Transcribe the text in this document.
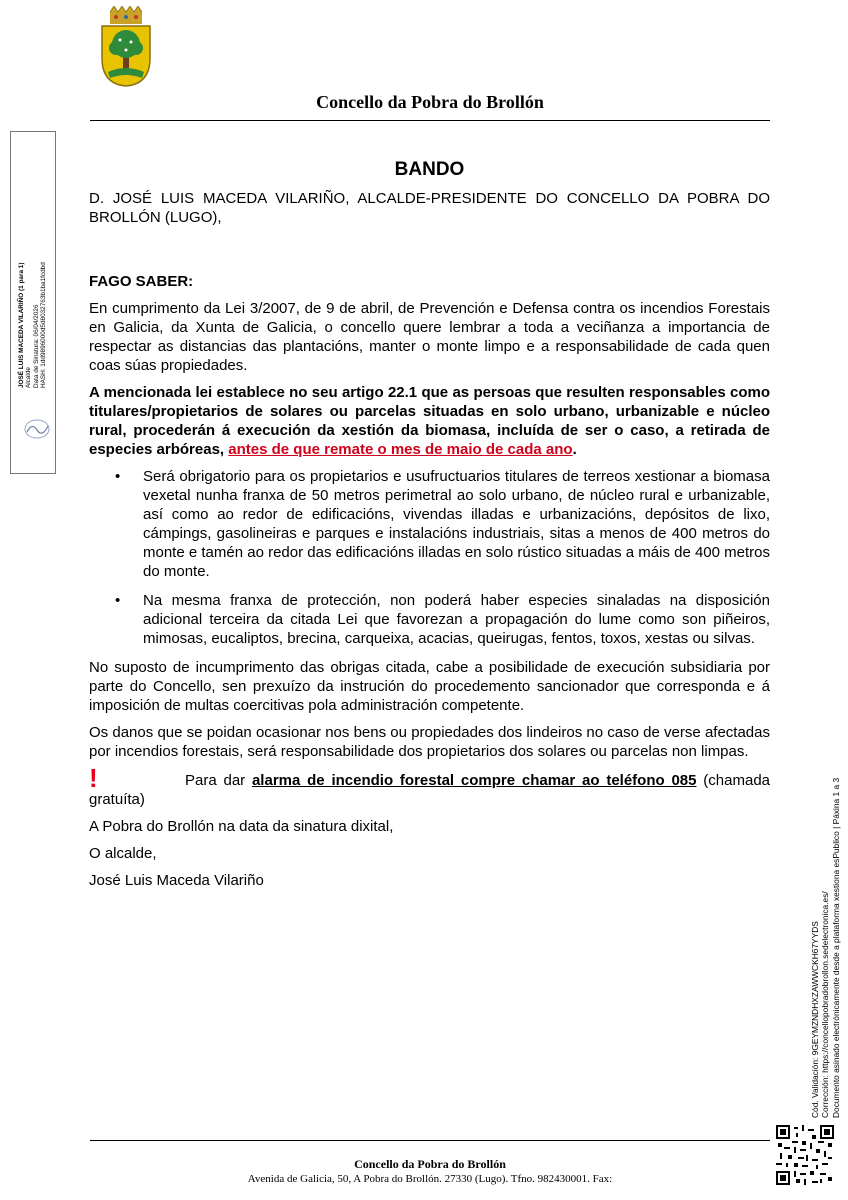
Concello da Pobra do Brollón
JOSÉ LUIS MACEDA VILARIÑO (1 para 1) Alcalde Data de Sinatura: 06/04/2026 HASH: 1dd9896000d5d8032763b1ba1fcdbd
BANDO

D. JOSÉ LUIS MACEDA VILARIÑO, ALCALDE-PRESIDENTE DO CONCELLO DA POBRA DO BROLLÓN (LUGO),

FAGO SABER:

En cumprimento da Lei 3/2007, de 9 de abril, de Prevención e Defensa contra os incendios Forestais en Galicia, da Xunta de Galicia, o concello quere lembrar a toda a veciñanza a importancia de respectar as distancias das plantacións, manter o monte limpo e a responsabilidade de cada quen coas súas propiedades.

A mencionada lei establece no seu artigo 22.1 que as persoas que resulten responsables como titulares/propietarios de solares ou parcelas situadas en solo urbano, urbanizable e núcleo rural, procederán á execución da xestión da biomasa, incluída de ser o caso, a retirada de especies arbóreas, antes de que remate o mes de maio de cada ano.

• Será obrigatorio para os propietarios e usufructuarios titulares de terreos xestionar a biomasa vexetal nunha franxa de 50 metros perimetral ao solo urbano, de núcleo rural e urbanizable, así como ao redor de edificacións, vivendas illadas e urbanizacións, depósitos de lixo, cámpings, gasolineiras e parques e instalacións industriais, sitas a menos de 400 metros do monte e tamén ao redor das edificacións illadas en solo rústico situadas a máis de 400 metros do monte.
• Na mesma franxa de protección, non poderá haber especies sinaladas na disposición adicional terceira da citada Lei que favorezan a propagación do lume como son piñeiros, mimosas, eucaliptos, brecina, carqueixa, acacias, queirugas, fentos, toxos, xestas ou silvas.

No suposto de incumprimento das obrigas citada, cabe a posibilidade de execución subsidiaria por parte do Concello, sen prexuízo da instrución do procedemento sancionador que corresponda e á imposición de multas coercitivas pola administración competente.

Os danos que se poidan ocasionar nos bens ou propiedades dos lindeiros no caso de verse afectadas por incendios forestais, será responsabilidade dos propietarios dos solares ou parcelas non limpas.

!	Para dar alarma de incendio forestal compre chamar ao teléfono 085 (chamada gratuíta)

A Pobra do Brollón na data da sinatura dixital,

O alcalde,

José Luis Maceda Vilariño

Cód. Validación: 9GEYMZNDHXZAWWCKH67YYDS Corrección: https://concellopobradobrollon.sedelectronica.es/ Documento asinado electrónicamente desde a plataforma xestiona esPublico | Páxina 1 a 3
Concello da Pobra do Brollón
Avenida de Galicia, 50, A Pobra do Brollón. 27330 (Lugo). Tfno. 982430001. Fax:
